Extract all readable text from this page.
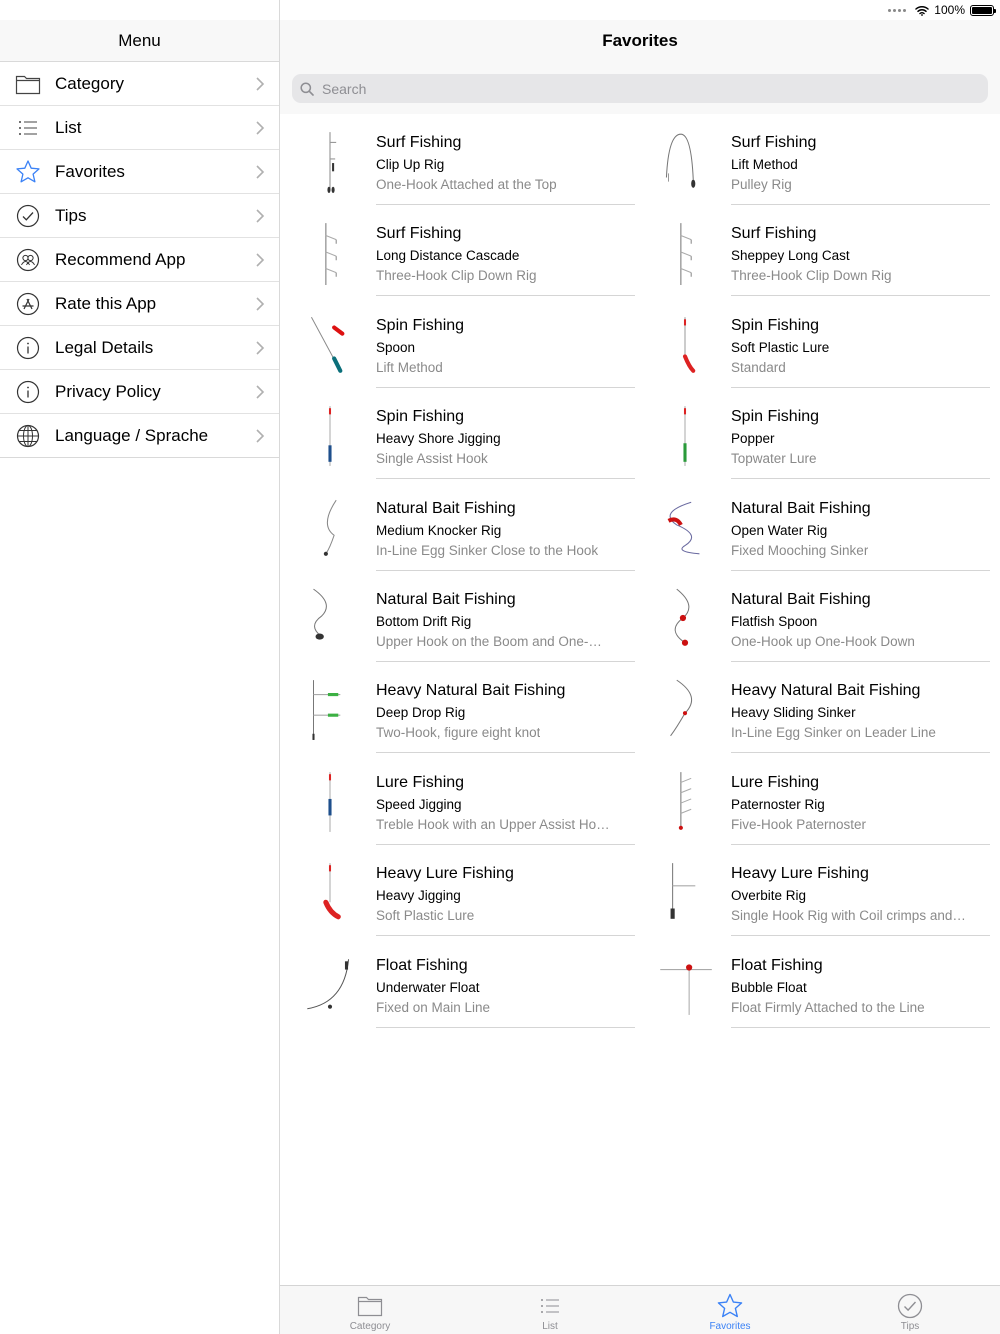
Menu
Category
List
Favorites
Tips
Recommend App
Rate this App
Legal Details
Privacy Policy
Language / Sprache
Favorites
Search
Surf Fishing
Clip Up Rig
One-Hook Attached at the Top
Surf Fishing
Lift Method
Pulley Rig
Surf Fishing
Long Distance Cascade
Three-Hook Clip Down Rig
Surf Fishing
Sheppey Long Cast
Three-Hook Clip Down Rig
Spin Fishing
Spoon
Lift Method
Spin Fishing
Soft Plastic Lure
Standard
Spin Fishing
Heavy Shore Jigging
Single Assist Hook
Spin Fishing
Popper
Topwater Lure
Natural Bait Fishing
Medium Knocker Rig
In-Line Egg Sinker Close to the Hook
Natural Bait Fishing
Open Water Rig
Fixed Mooching Sinker
Natural Bait Fishing
Bottom Drift Rig
Upper Hook on the Boom and One-…
Natural Bait Fishing
Flatfish Spoon
One-Hook up One-Hook Down
Heavy Natural Bait Fishing
Deep Drop Rig
Two-Hook, figure eight knot
Heavy Natural Bait Fishing
Heavy Sliding Sinker
In-Line Egg Sinker on Leader Line
Lure Fishing
Speed Jigging
Treble Hook with an Upper Assist Ho…
Lure Fishing
Paternoster Rig
Five-Hook Paternoster
Heavy Lure Fishing
Heavy Jigging
Soft Plastic Lure
Heavy Lure Fishing
Overbite Rig
Single Hook Rig with Coil crimps and…
Float Fishing
Underwater Float
Fixed on Main Line
Float Fishing
Bubble Float
Float Firmly Attached to the Line
Category	List	Favorites	Tips
100%
